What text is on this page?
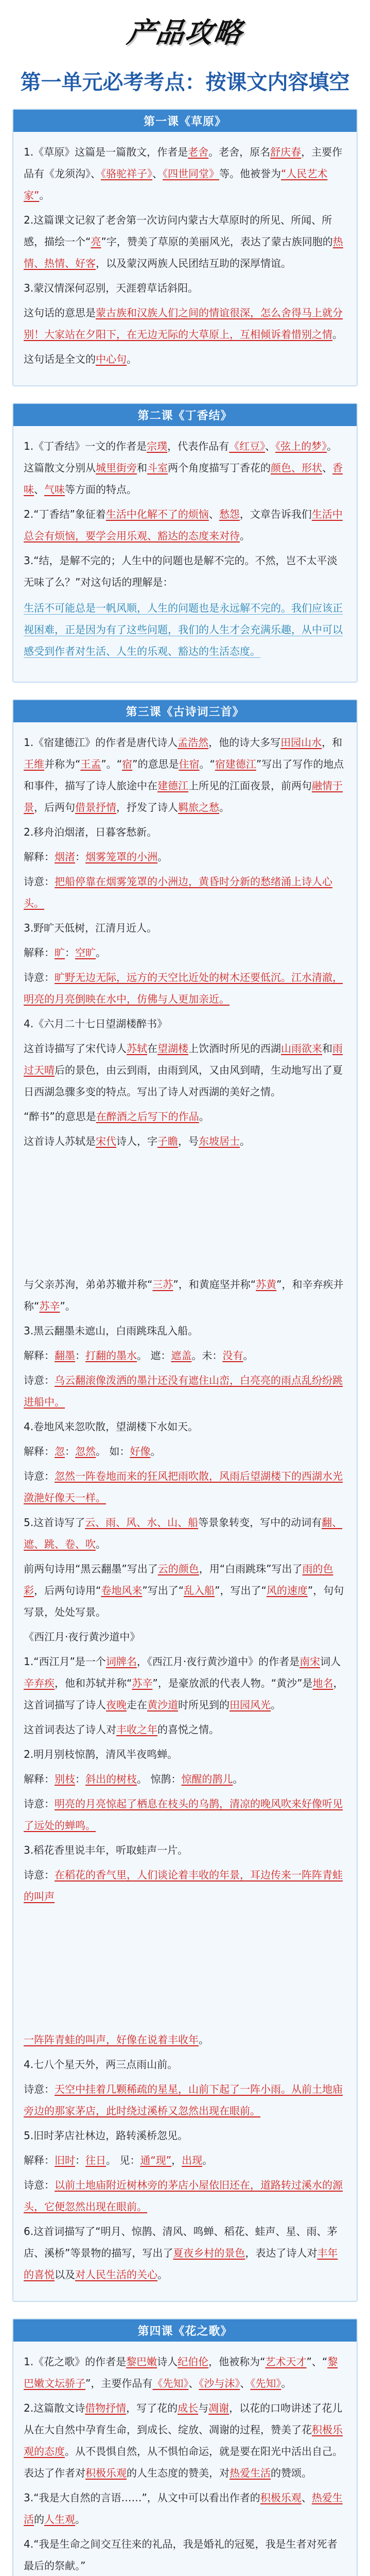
产品攻略
第一单元必考考点：按课文内容填空
第一课《草原》
1.《草原》这篇是一篇散文，作者是老舍。老舍，原名舒庆春，主要作品有《龙须沟》、《骆驼祥子》、《四世同堂》等。他被誉为“人民艺术家”。
2.这篇课文记叙了老舍第一次访问内蒙古大草原时的所见、所闻、所感，描绘一个“亮”字，赞美了草原的美丽风光，表达了蒙古族同胞的热情、热情、好客，以及蒙汉两族人民团结互助的深厚情谊。
3.蒙汉情深何忍别，天涯碧草话斜阳。
这句话的意思是蒙古族和汉族人们之间的情谊很深，怎么舍得马上就分别！大家站在夕阳下，在无边无际的大草原上，互相倾诉着惜别之情。
这句话是全文的中心句。
第二课《丁香结》
1.《丁香结》一文的作者是宗璞，代表作品有《红豆》、《弦上的梦》。这篇散文分别从城里街旁和斗室两个角度描写丁香花的颜色、形状、香味、气味等方面的特点。
2.“丁香结”象征着生活中化解不了的烦恼、愁怨，文章告诉我们生活中总会有烦恼，要学会用乐观、豁达的态度来对待。
3.“结，是解不完的；人生中的问题也是解不完的。不然，岂不太平淡无味了么？”对这句话的理解是：
生活不可能总是一帆风顺，人生的问题也是永远解不完的。我们应该正视困难，正是因为有了这些问题，我们的人生才会充满乐趣，从中可以感受到作者对生活、人生的乐观、豁达的生活态度。
第三课《古诗词三首》
1.《宿建德江》的作者是唐代诗人孟浩然，他的诗大多写田园山水，和王维并称为“王孟”。“宿”的意思是住宿。“宿建德江”写出了写作的地点和事件，描写了诗人旅途中在建德江上所见的江面夜景，前两句融情于景，后两句借景抒情，抒发了诗人羁旅之愁。
2.移舟泊烟渚，日暮客愁新。
解释：烟渚：烟雾笼罩的小洲。
诗意：把船停靠在烟雾笼罩的小洲边，黄昏时分新的愁绪涌上诗人心头。
3.野旷天低树，江清月近人。
解释：旷：空旷。
诗意：旷野无边无际，远方的天空比近处的树木还要低沉。江水清澈，明亮的月亮倒映在水中，仿佛与人更加亲近。
4.《六月二十七日望湖楼醉书》
这首诗描写了宋代诗人苏轼在望湖楼上饮酒时所见的西湖山雨欲来和雨过天晴后的景色，由云到雨，由雨到风，又由风到晴，生动地写出了夏日西湖急骤多变的特点。写出了诗人对西湖的美好之情。
“醉书”的意思是在醉酒之后写下的作品。
这首诗人苏轼是宋代诗人，字子瞻，号东坡居士。
与父亲苏洵，弟弟苏辙并称“三苏”，和黄庭坚并称“苏黄”，和辛弃疾并称“苏辛”。
3.黑云翻墨未遮山，白雨跳珠乱入船。
解释：翻墨：打翻的墨水。 遮：遮盖。未：没有。
诗意：乌云翻滚像泼洒的墨汁还没有遮住山峦，白亮亮的雨点乱纷纷跳进船中。
4.卷地风来忽吹散，望湖楼下水如天。
解释：忽：忽然。 如：好像。
诗意：忽然一阵卷地而来的狂风把雨吹散，风雨后望湖楼下的西湖水光潋滟好像天一样。
5.这首诗写了云、雨、风、水、山、船等景象转变，写中的动词有翻、遮、跳、卷、吹。
前两句诗用“黑云翻墨”写出了云的颜色，用“白雨跳珠”写出了雨的色彩，后两句诗用“卷地风来”写出了“乱入船”，写出了“风的速度”，句句写景，处处写景。
《西江月·夜行黄沙道中》
1.“西江月”是一个词牌名，《西江月·夜行黄沙道中》的作者是南宋词人辛弃疾，他和苏轼并称“苏辛”，是豪放派的代表人物。“黄沙”是地名，这首词描写了诗人夜晚走在黄沙道时所见到的田园风光。
这首词表达了诗人对丰收之年的喜悦之情。
2.明月别枝惊鹊，清风半夜鸣蝉。
解释：别枝：斜出的树枝。 惊鹊：惊醒的鹊儿。
诗意：明亮的月亮惊起了栖息在枝头的乌鹊，清凉的晚风吹来好像听见了远处的蝉鸣。
3.稻花香里说丰年，听取蛙声一片。
诗意：在稻花的香气里，人们谈论着丰收的年景，耳边传来一阵阵青蛙的叫声
一阵阵青蛙的叫声，好像在说着丰收年。
4.七八个星天外，两三点雨山前。
诗意：天空中挂着几颗稀疏的星星，山前下起了一阵小雨。从前土地庙旁边的那家茅店，此时绕过溪桥又忽然出现在眼前。
5.旧时茅店社林边，路转溪桥忽见。
解释：旧时：往日。 见：通“现”，出现。
诗意：以前土地庙附近树林旁的茅店小屋依旧还在，道路转过溪水的源头，它便忽然出现在眼前。
6.这首词描写了“明月、惊鹊、清风、鸣蝉、稻花、蛙声、星、雨、茅店、溪桥”等景物的描写，写出了夏夜乡村的景色，表达了诗人对丰年的喜悦以及对人民生活的关心。
第四课《花之歌》
1.《花之歌》的作者是黎巴嫩诗人纪伯伦，他被称为“艺术天才”、“黎巴嫩文坛骄子”，主要作品有《先知》、《沙与沫》、《先知》。
2.这篇散文诗借物抒情，写了花的成长与凋谢，以花的口吻讲述了花儿从在大自然中孕育生命，到成长、绽放、凋谢的过程，赞美了花积极乐观的态度。从不畏惧自然，从不惧怕命运，就是要在阳光中活出自己。表达了作者对积极乐观的人生态度的赞美，对热爱生活的赞颂。
3.“我是大自然的言语……”，从文中可以看出作者的积极乐观、热爱生活的人生观。
4.“我是生命之间交互往来的礼品，我是婚礼的冠冕，我是生者对死者最后的祭献。”
